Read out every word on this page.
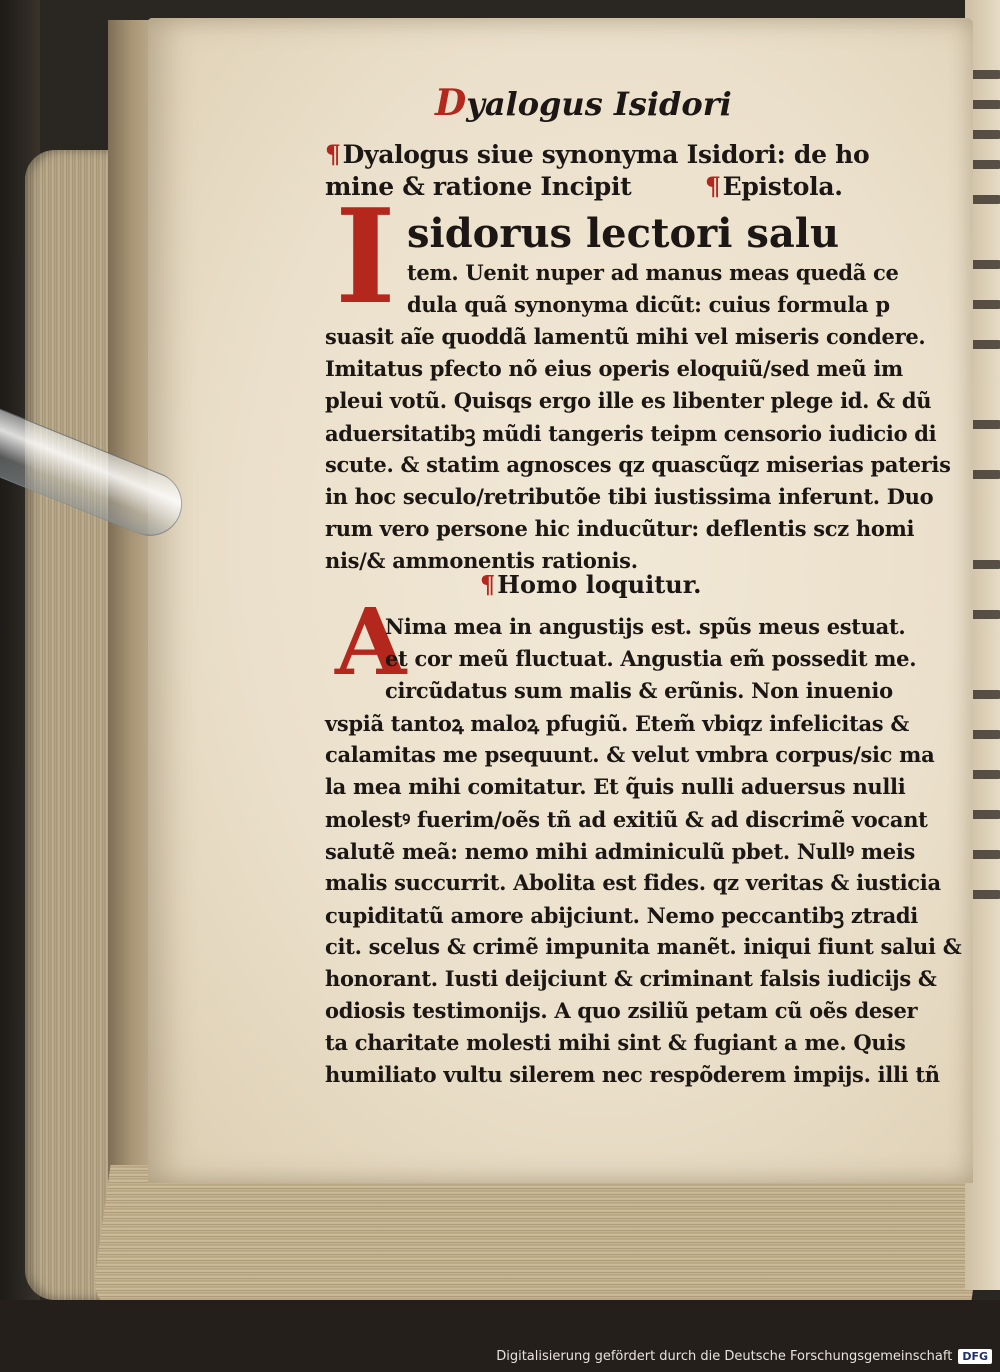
Dyalogus Isidori
¶Dyalogus siue synonyma Isidori: de ho
mine & ratione Incipit	¶Epistola.
I sidorus lectori salu
tem. Uenit nuper ad manus meas quedã ce
dula quã synonyma dicũt: cuius formula p
suasit aĩe quoddã lamentũ mihi vel miseris condere.
Imitatus pfecto nõ eius operis eloquiũ/sed meũ im
pleui votũ. Quisqs ergo ille es libenter plege id. & dũ
aduersitatibꝫ mũdi tangeris teipm censorio iudicio di
scute. & statim agnosces qz quascũqz miserias pateris
in hoc seculo/retributõe tibi iustissima inferunt. Duo
¶Homo loquitur.
A
Nima mea in angustijs est. spũs meus estuat.
et cor meũ fluctuat. Angustia em̃ possedit me.
circũdatus sum malis & erũnis. Non inuenio
vspiã tantoꝝ maloꝝ pfugiũ. Etem̃ vbiqz infelicitas &
calamitas me psequunt. & velut vmbra corpus/sic ma
la mea mihi comitatur. Et q̃uis nulli aduersus nulli
molestꝰ fuerim/oẽs tñ ad exitiũ & ad discrimẽ vocant
salutẽ meã: nemo mihi adminiculũ pbet. Nullꝰ meis
malis succurrit. Abolita est fides. qz veritas & iusticia
cupiditatũ amore abijciunt. Nemo peccantibꝫ ztradi
cit. scelus & crimẽ impunita manẽt. iniqui fiunt salui &
honorant. Iusti deijciunt & criminant falsis iudicijs &
odiosis testimonijs. A quo zsiliũ petam cũ oẽs deser
ta charitate molesti mihi sint & fugiant a me. Quis
humiliato vultu silerem nec respõderem impijs. illi tñ
rum vero persone hic inducũtur: deflentis scz homi
nis/& ammonentis rationis.
Digitalisierung gefördert durch die Deutsche Forschungsgemeinschaft DFG
